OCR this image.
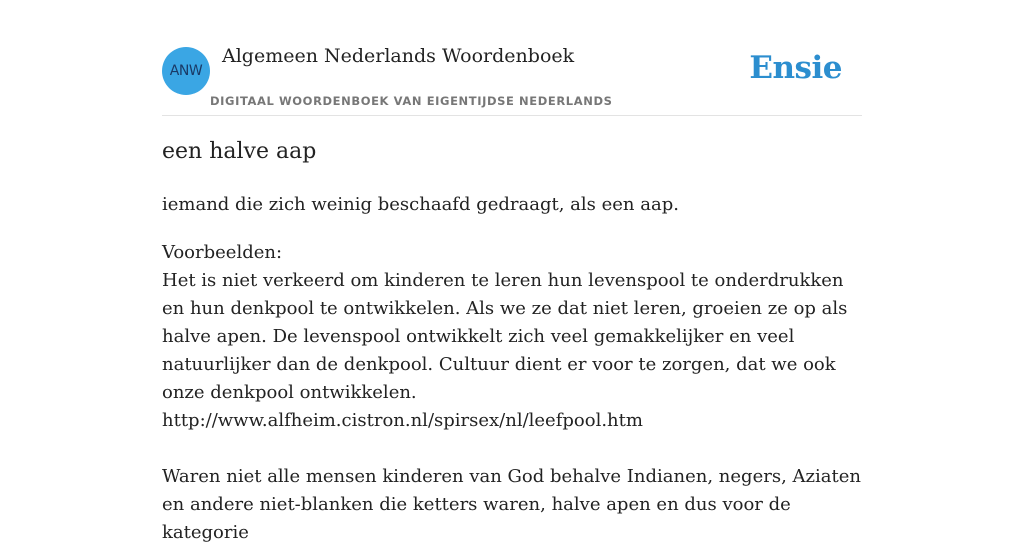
ANW
Algemeen Nederlands Woordenboek
DIGITAAL WOORDENBOEK VAN EIGENTIJDSE NEDERLANDS
Ensie
een halve aap
iemand die zich weinig beschaafd gedraagt, als een aap.

Voorbeelden:

Het is niet verkeerd om kinderen te leren hun levenspool te onderdrukken en hun denkpool te ontwikkelen. Als we ze dat niet leren, groeien ze op als halve apen. De levenspool ontwikkelt zich veel gemakkelijker en veel natuurlijker dan de denkpool. Cultuur dient er voor te zorgen, dat we ook onze denkpool ontwikkelen.

http://www.alfheim.cistron.nl/spirsex/nl/leefpool.htm

Waren niet alle mensen kinderen van God behalve Indianen, negers, Aziaten en andere niet-blanken die ketters waren, halve apen en dus voor de kategorie
